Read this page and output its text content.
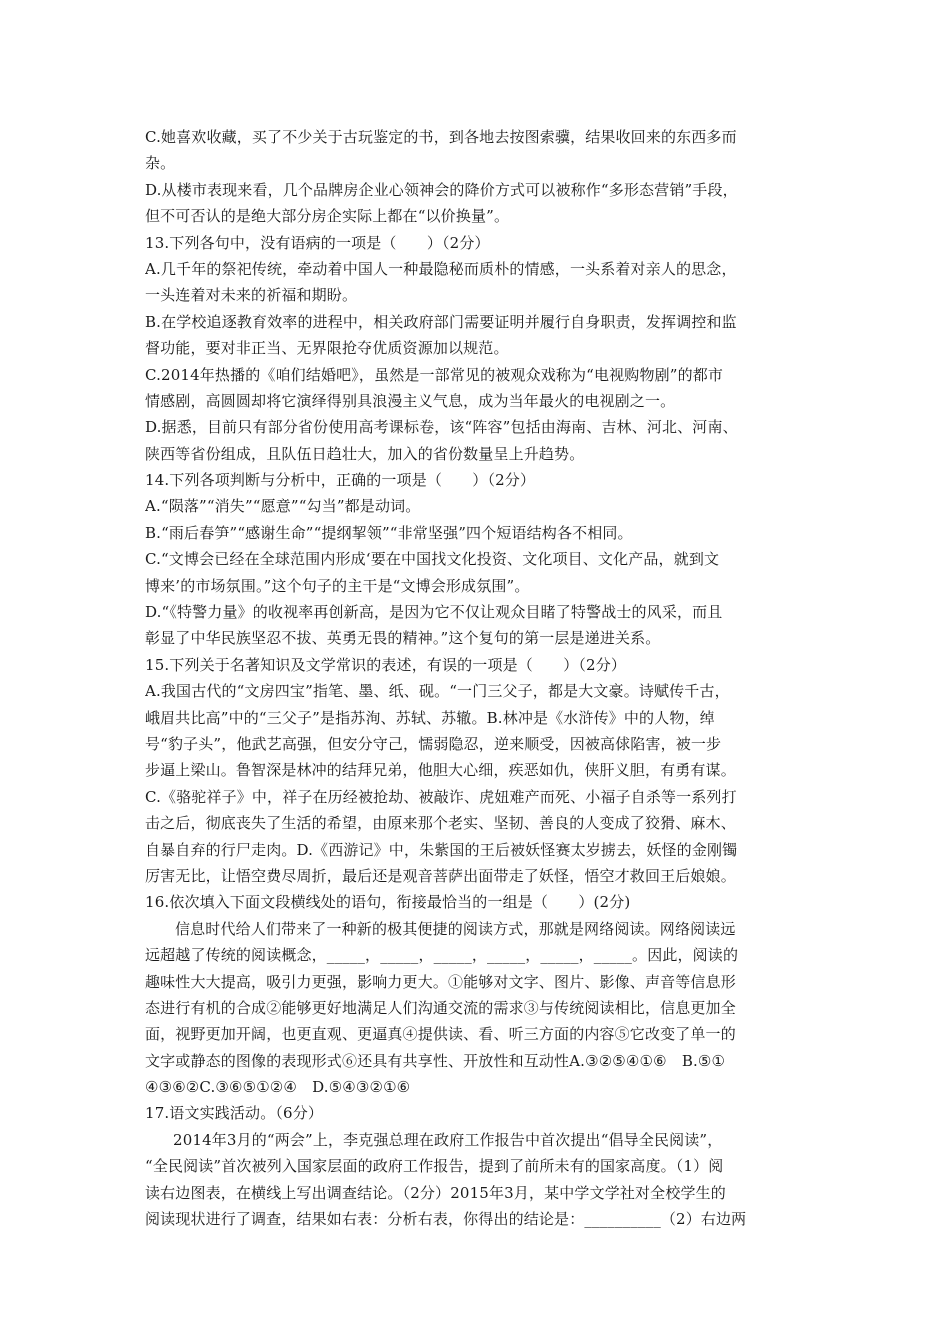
C.她喜欢收藏，买了不少关于古玩鉴定的书，到各地去按图索骥，结果收回来的东西多而
杂。
D.从楼市表现来看，几个品牌房企业心领神会的降价方式可以被称作“多形态营销”手段，
但不可否认的是绝大部分房企实际上都在“以价换量”。
13.下列各句中，没有语病的一项是（　　）（2分）
A.几千年的祭祀传统，牵动着中国人一种最隐秘而质朴的情感，一头系着对亲人的思念，
一头连着对未来的祈福和期盼。
B.在学校追逐教育效率的进程中，相关政府部门需要证明并履行自身职责，发挥调控和监
督功能，要对非正当、无界限抢夺优质资源加以规范。
C.2014年热播的《咱们结婚吧》，虽然是一部常见的被观众戏称为“电视购物剧”的都市
情感剧，高圆圆却将它演绎得别具浪漫主义气息，成为当年最火的电视剧之一。
D.据悉，目前只有部分省份使用高考课标卷，该“阵容”包括由海南、吉林、河北、河南、
陕西等省份组成，且队伍日趋壮大，加入的省份数量呈上升趋势。
14.下列各项判断与分析中，正确的一项是（　　）（2分）
A.“陨落”“消失”“愿意”“勾当”都是动词。
B.“雨后春笋”“感谢生命”“提纲挈领”“非常坚强”四个短语结构各不相同。
C.“文博会已经在全球范围内形成‘要在中国找文化投资、文化项目、文化产品，就到文
博来’的市场氛围。”这个句子的主干是“文博会形成氛围”。
D.“《特警力量》的收视率再创新高，是因为它不仅让观众目睹了特警战士的风采，而且
彰显了中华民族坚忍不拔、英勇无畏的精神。”这个复句的第一层是递进关系。
15.下列关于名著知识及文学常识的表述，有误的一项是（　　）（2分）
A.我国古代的“文房四宝”指笔、墨、纸、砚。“一门三父子，都是大文豪。诗赋传千古，
峨眉共比高”中的“三父子”是指苏洵、苏轼、苏辙。B.林冲是《水浒传》中的人物，绰
号“豹子头”，他武艺高强，但安分守己，懦弱隐忍，逆来顺受，因被高俅陷害，被一步
步逼上梁山。鲁智深是林冲的结拜兄弟，他胆大心细，疾恶如仇，侠肝义胆，有勇有谋。
C.《骆驼祥子》中，祥子在历经被抢劫、被敲诈、虎妞难产而死、小福子自杀等一系列打
击之后，彻底丧失了生活的希望，由原来那个老实、坚韧、善良的人变成了狡猾、麻木、
自暴自弃的行尸走肉。D.《西游记》中，朱紫国的王后被妖怪赛太岁掳去，妖怪的金刚镯
厉害无比，让悟空费尽周折，最后还是观音菩萨出面带走了妖怪，悟空才救回王后娘娘。
16.依次填入下面文段横线处的语句，衔接最恰当的一组是（　　）(2分)
信息时代给人们带来了一种新的极其便捷的阅读方式，那就是网络阅读。网络阅读远
远超越了传统的阅读概念，_____，_____，_____，_____，_____，_____。因此，阅读的
趣味性大大提高，吸引力更强，影响力更大。①能够对文字、图片、影像、声音等信息形
态进行有机的合成②能够更好地满足人们沟通交流的需求③与传统阅读相比，信息更加全
面，视野更加开阔，也更直观、更逼真④提供读、看、听三方面的内容⑤它改变了单一的
文字或静态的图像的表现形式⑥还具有共享性、开放性和互动性A.③②⑤④①⑥　B.⑤①
④③⑥②C.③⑥⑤①②④　D.⑤④③②①⑥
17.语文实践活动。（6分）
2014年3月的“两会”上，李克强总理在政府工作报告中首次提出“倡导全民阅读”，
“全民阅读”首次被列入国家层面的政府工作报告，提到了前所未有的国家高度。（1）阅
读右边图表，在横线上写出调查结论。（2分）2015年3月，某中学文学社对全校学生的
阅读现状进行了调查，结果如右表：分析右表，你得出的结论是：__________（2）右边两
